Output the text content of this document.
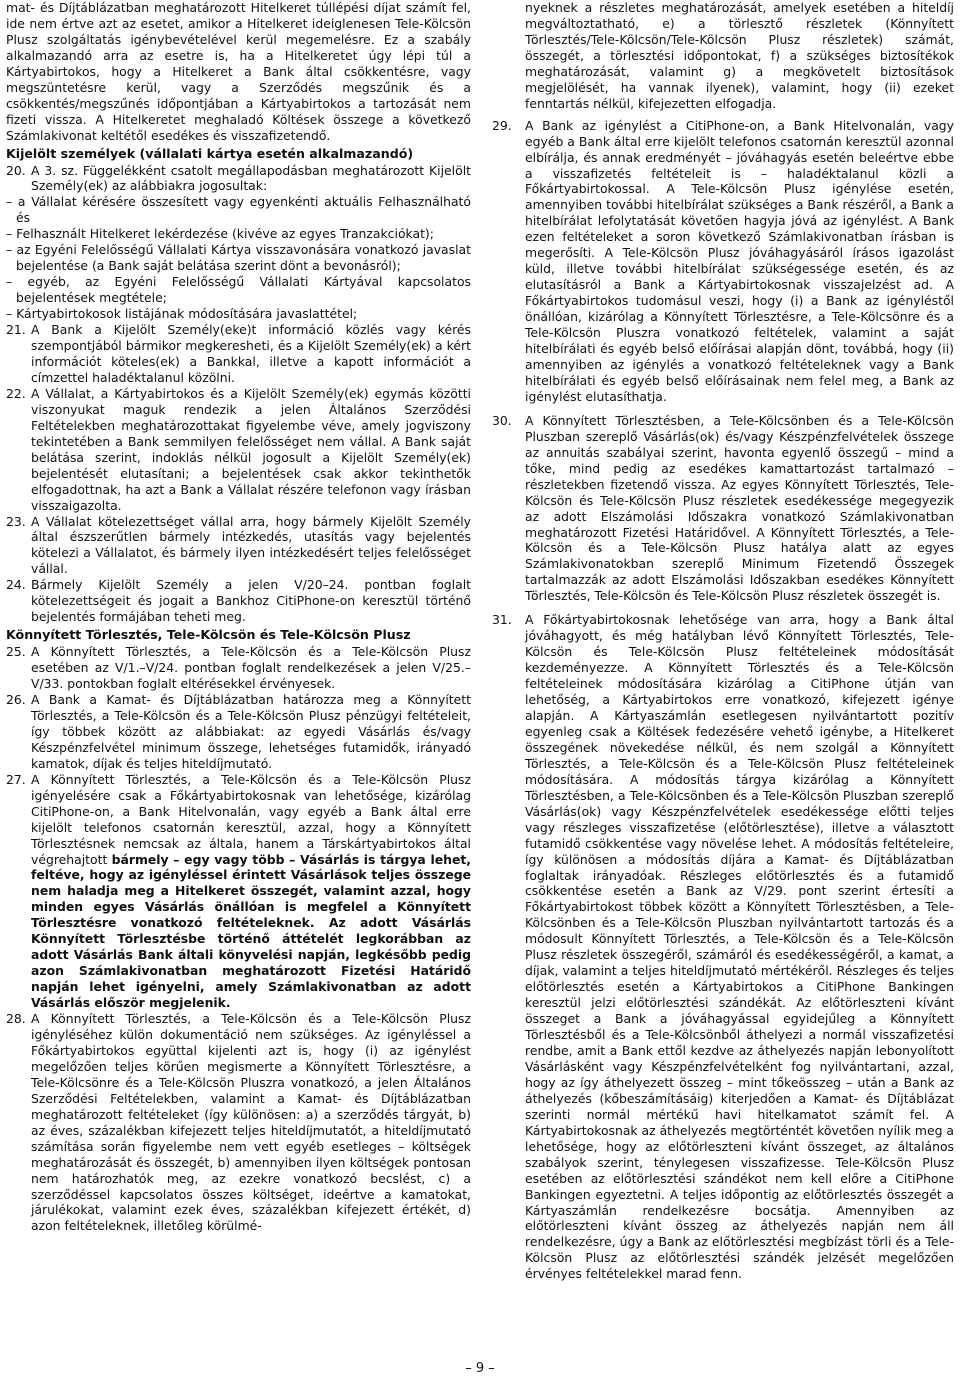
mat- és Díjtáblázatban meghatározott Hitelkeret túllépési díjat számít fel, ide nem értve azt az esetet, amikor a Hitelkeret ideiglenesen Tele-Kölcsön Plusz szolgáltatás igénybevételével kerül megemelésre. Ez a szabály alkalmazandó arra az esetre is, ha a Hitelkeretet úgy lépi túl a Kártyabirtokos, hogy a Hitelkeret a Bank által csökkentésre, vagy megszüntetésre kerül, vagy a Szerződés megszűnik és a csökkentés/megszűnés időpontjában a Kártyabirtokos a tartozását nem fizeti vissza. A Hitelkeretet meghaladó Költések összege a következő Számlakivonat keltétől esedékes és visszafizetendő.

Kijelölt személyek (vállalati kártya esetén alkalmazandó)
20. A 3. sz. Függelékként csatolt megállapodásban meghatározott Kijelölt Személy(ek) az alábbiakra jogosultak:

– a Vállalat kérésére összesített vagy egyenkénti aktuális Felhasználható és

– Felhasznált Hitelkeret lekérdezése (kivéve az egyes Tranzakciókat);

– az Egyéni Felelősségű Vállalati Kártya visszavonására vonatkozó javaslat bejelentése (a Bank saját belátása szerint dönt a bevonásról);

– egyéb, az Egyéni Felelősségű Vállalati Kártyával kapcsolatos bejelentések megtétele;

– Kártyabirtokosok listájának módosítására javaslattétel;

21. A Bank a Kijelölt Személy(eke)t információ közlés vagy kérés szempontjából bármikor megkeresheti, és a Kijelölt Személy(ek) a kért információt köteles(ek) a Bankkal, illetve a kapott információt a címzettel haladéktalanul közölni.

22. A Vállalat, a Kártyabirtokos és a Kijelölt Személy(ek) egymás közötti viszonyukat maguk rendezik a jelen Általános Szerződési Feltételekben meghatározottakat figyelembe véve, amely jogviszony tekintetében a Bank semmilyen felelősséget nem vállal. A Bank saját belátása szerint, indoklás nélkül jogosult a Kijelölt Személy(ek) bejelentését elutasítani; a bejelentések csak akkor tekinthetők elfogadottnak, ha azt a Bank a Vállalat részére telefonon vagy írásban visszaigazolta.

23. A Vállalat kötelezettséget vállal arra, hogy bármely Kijelölt Személy által észszerűtlen bármely intézkedés, utasítás vagy bejelentés kötelezi a Vállalatot, és bármely ilyen intézkedésért teljes felelősséget vállal.

24. Bármely Kijelölt Személy a jelen V/20–24. pontban foglalt kötelezettségeit és jogait a Bankhoz CitiPhone-on keresztül történő bejelentés formájában teheti meg.

Könnyített Törlesztés, Tele-Kölcsön és Tele-Kölcsön Plusz
25. A Könnyített Törlesztés, a Tele-Kölcsön és a Tele-Kölcsön Plusz esetében az V/1.–V/24. pontban foglalt rendelkezések a jelen V/25.–V/33. pontokban foglalt eltérésekkel érvényesek.

26. A Bank a Kamat- és Díjtáblázatban határozza meg a Könnyített Törlesztés, a Tele-Kölcsön és a Tele-Kölcsön Plusz pénzügyi feltételeit, így többek között az alábbiakat: az egyedi Vásárlás és/vagy Készpénzfelvétel minimum összege, lehetséges futamidők, irányadó kamatok, díjak és teljes hiteldíjmutató.

27. A Könnyített Törlesztés, a Tele-Kölcsön és a Tele-Kölcsön Plusz igényelésére csak a Főkártyabirtokosnak van lehetősége, kizárólag CitiPhone-on, a Bank Hitelvonalán, vagy egyéb a Bank által erre kijelölt telefonos csatornán keresztül, azzal, hogy a Könnyített Törlesztésnek nemcsak az általa, hanem a Társkártyabirtokos által végrehajtott bármely – egy vagy több – Vásárlás is tárgya lehet, feltéve, hogy az igényléssel érintett Vásárlások teljes összege nem haladja meg a Hitelkeret összegét, valamint azzal, hogy minden egyes Vásárlás önállóan is megfelel a Könnyített Törlesztésre vonatkozó feltételeknek. Az adott Vásárlás Könnyített Törlesztésbe történő áttételét legkorábban az adott Vásárlás Bank általi könyvelési napján, legkésőbb pedig azon Számlakivonatban meghatározott Fizetési Határidő napján lehet igényelni, amely Számlakivonatban az adott Vásárlás először megjelenik.

28. A Könnyített Törlesztés, a Tele-Kölcsön és a Tele-Kölcsön Plusz igényléséhez külön dokumentáció nem szükséges. Az igényléssel a Főkártyabirtokos együttal kijelenti azt is, hogy (i) az igénylést megelőzően teljes körűen megismerte a Könnyített Törlesztésre, a Tele-Kölcsönre és a Tele-Kölcsön Pluszra vonatkozó, a jelen Általános Szerződési Feltételekben, valamint a Kamat- és Díjtáblázatban meghatározott feltételeket (így különösen: a) a szerződés tárgyát, b) az éves, százalékban kifejezett teljes hiteldíjmutatót, a hiteldíjmutató számítása során figyelembe nem vett egyéb esetleges – költségek meghatározását és összegét, b) amennyiben ilyen költségek pontosan nem határozhatók meg, az ezekre vonatkozó becslést, c) a szerződéssel kapcsolatos összes költséget, ideértve a kamatokat, járulékokat, valamint ezek éves, százalékban kifejezett értékét, d) azon feltételeknek, illetőleg körülmé-

nyeknek a részletes meghatározását, amelyek esetében a hiteldíj megváltoztatható, e) a törlesztő részletek (Könnyített Törlesztés/Tele-Kölcsön/Tele-Kölcsön Plusz részletek) számát, összegét, a törlesztési időpontokat, f) a szükséges biztosítékok meghatározását, valamint g) a megkövetelt biztosítások megjelölését, ha vannak ilyenek), valamint, hogy (ii) ezeket fenntartás nélkül, kifejezetten elfogadja.

29. A Bank az igénylést a CitiPhone-on, a Bank Hitelvonalán, vagy egyéb a Bank által erre kijelölt telefonos csatornán keresztül azonnal elbírálja, és annak eredményét – jóváhagyás esetén beleértve ebbe a visszafizetés feltételeit is – haladéktalanul közli a Főkártyabirtokossal. A Tele-Kölcsön Plusz igénylése esetén, amennyiben további hitelbírálat szükséges a Bank részéről, a Bank a hitelbírálat lefolytatását követően hagyja jóvá az igénylést. A Bank ezen feltételeket a soron következő Számlakivonatban írásban is megerősíti. A Tele-Kölcsön Plusz jóváhagyásáról írásos igazolást küld, illetve további hitelbírálat szükségessége esetén, és az elutasításról a Bank a Kártyabirtokosnak visszajelzést ad. A Főkártyabirtokos tudomásul veszi, hogy (i) a Bank az igényléstől önállóan, kizárólag a Könnyített Törlesztésre, a Tele-Kölcsönre és a Tele-Kölcsön Pluszra vonatkozó feltételek, valamint a saját hitelbírálati és egyéb belső előírásai alapján dönt, továbbá, hogy (ii) amennyiben az igénylés a vonatkozó feltételeknek vagy a Bank hitelbírálati és egyéb belső előírásainak nem felel meg, a Bank az igénylést elutasíthatja.

30. A Könnyített Törlesztésben, a Tele-Kölcsönben és a Tele-Kölcsön Pluszban szereplő Vásárlás(ok) és/vagy Készpénzfelvételek összege az annuitás szabályai szerint, havonta egyenlő összegű – mind a tőke, mind pedig az esedékes kamattartozást tartalmazó – részletekben fizetendő vissza. Az egyes Könnyített Törlesztés, Tele-Kölcsön és Tele-Kölcsön Plusz részletek esedékessége megegyezik az adott Elszámolási Időszakra vonatkozó Számlakivonatban meghatározott Fizetési Határidővel. A Könnyített Törlesztés, a Tele-Kölcsön és a Tele-Kölcsön Plusz hatálya alatt az egyes Számlakivonatokban szereplő Minimum Fizetendő Összegek tartalmazzák az adott Elszámolási Időszakban esedékes Könnyített Törlesztés, Tele-Kölcsön és Tele-Kölcsön Plusz részletek összegét is.

31. A Főkártyabirtokosnak lehetősége van arra, hogy a Bank által jóváhagyott, és még hatályban lévő Könnyített Törlesztés, Tele-Kölcsön és Tele-Kölcsön Plusz feltételeinek módosítását kezdeményezze. A Könnyített Törlesztés és a Tele-Kölcsön feltételeinek módosítására kizárólag a CitiPhone útján van lehetőség, a Kártyabirtokos erre vonatkozó, kifejezett igénye alapján. A Kártyaszámlán esetlegesen nyilvántartott pozitív egyenleg csak a Költések fedezésére vehető igénybe, a Hitelkeret összegének növekedése nélkül, és nem szolgál a Könnyített Törlesztés, a Tele-Kölcsön és a Tele-Kölcsön Plusz feltételeinek módosítására. A módosítás tárgya kizárólag a Könnyített Törlesztésben, a Tele-Kölcsönben és a Tele-Kölcsön Pluszban szereplő Vásárlás(ok) vagy Készpénzfelvételek esedékessége előtti teljes vagy részleges visszafizetése (előtörlesztése), illetve a választott futamidő csökkentése vagy növelése lehet. A módosítás feltételeire, így különösen a módosítás díjára a Kamat- és Díjtáblázatban foglaltak irányadóak. Részleges előtörlesztés és a futamidő csökkentése esetén a Bank az V/29. pont szerint értesíti a Főkártyabirtokost többek között a Könnyített Törlesztésben, a Tele-Kölcsönben és a Tele-Kölcsön Pluszban nyilvántartott tartozás és a módosult Könnyített Törlesztés, a Tele-Kölcsön és a Tele-Kölcsön Plusz részletek összegéről, számáról és esedékességéről, a kamat, a díjak, valamint a teljes hiteldíjmutató mértékéről. Részleges és teljes előtörlesztés esetén a Kártyabirtokos a CitiPhone Bankingen keresztül jelzi előtörlesztési szándékát. Az előtörleszteni kívánt összeget a Bank a jóváhagyással egyidejűleg a Könnyített Törlesztésből és a Tele-Kölcsönből áthelyezi a normál visszafizetési rendbe, amit a Bank ettől kezdve az áthelyezés napján lebonyolított Vásárlásként vagy Készpénzfelvételként fog nyilvántartani, azzal, hogy az így áthelyezett összeg – mint tőkeösszeg – után a Bank az áthelyezés (kőbeszámításáig) kiterjedően a Kamat- és Díjtáblázat szerinti normál mértékű havi hitelkamatot számít fel. A Kártyabirtokosnak az áthelyezés megtörténtét követően nyílik meg a lehetősége, hogy az előtörleszteni kívánt összeget, az általános szabályok szerint, ténylegesen visszafizesse. Tele-Kölcsön Plusz esetében az előtörlesztési szándékot nem kell előre a CitiPhone Bankingen egyeztetni. A teljes időpontig az előtörlesztés összegét a Kártyaszámlán rendelkezésre bocsátja. Amennyiben az előtörleszteni kívánt összeg az áthelyezés napján nem áll rendelkezésre, úgy a Bank az előtörlesztési megbízást törli és a Tele-Kölcsön Plusz az előtörlesztési szándék jelzését megelőzően érvényes feltételekkel marad fenn.

– 9 –
